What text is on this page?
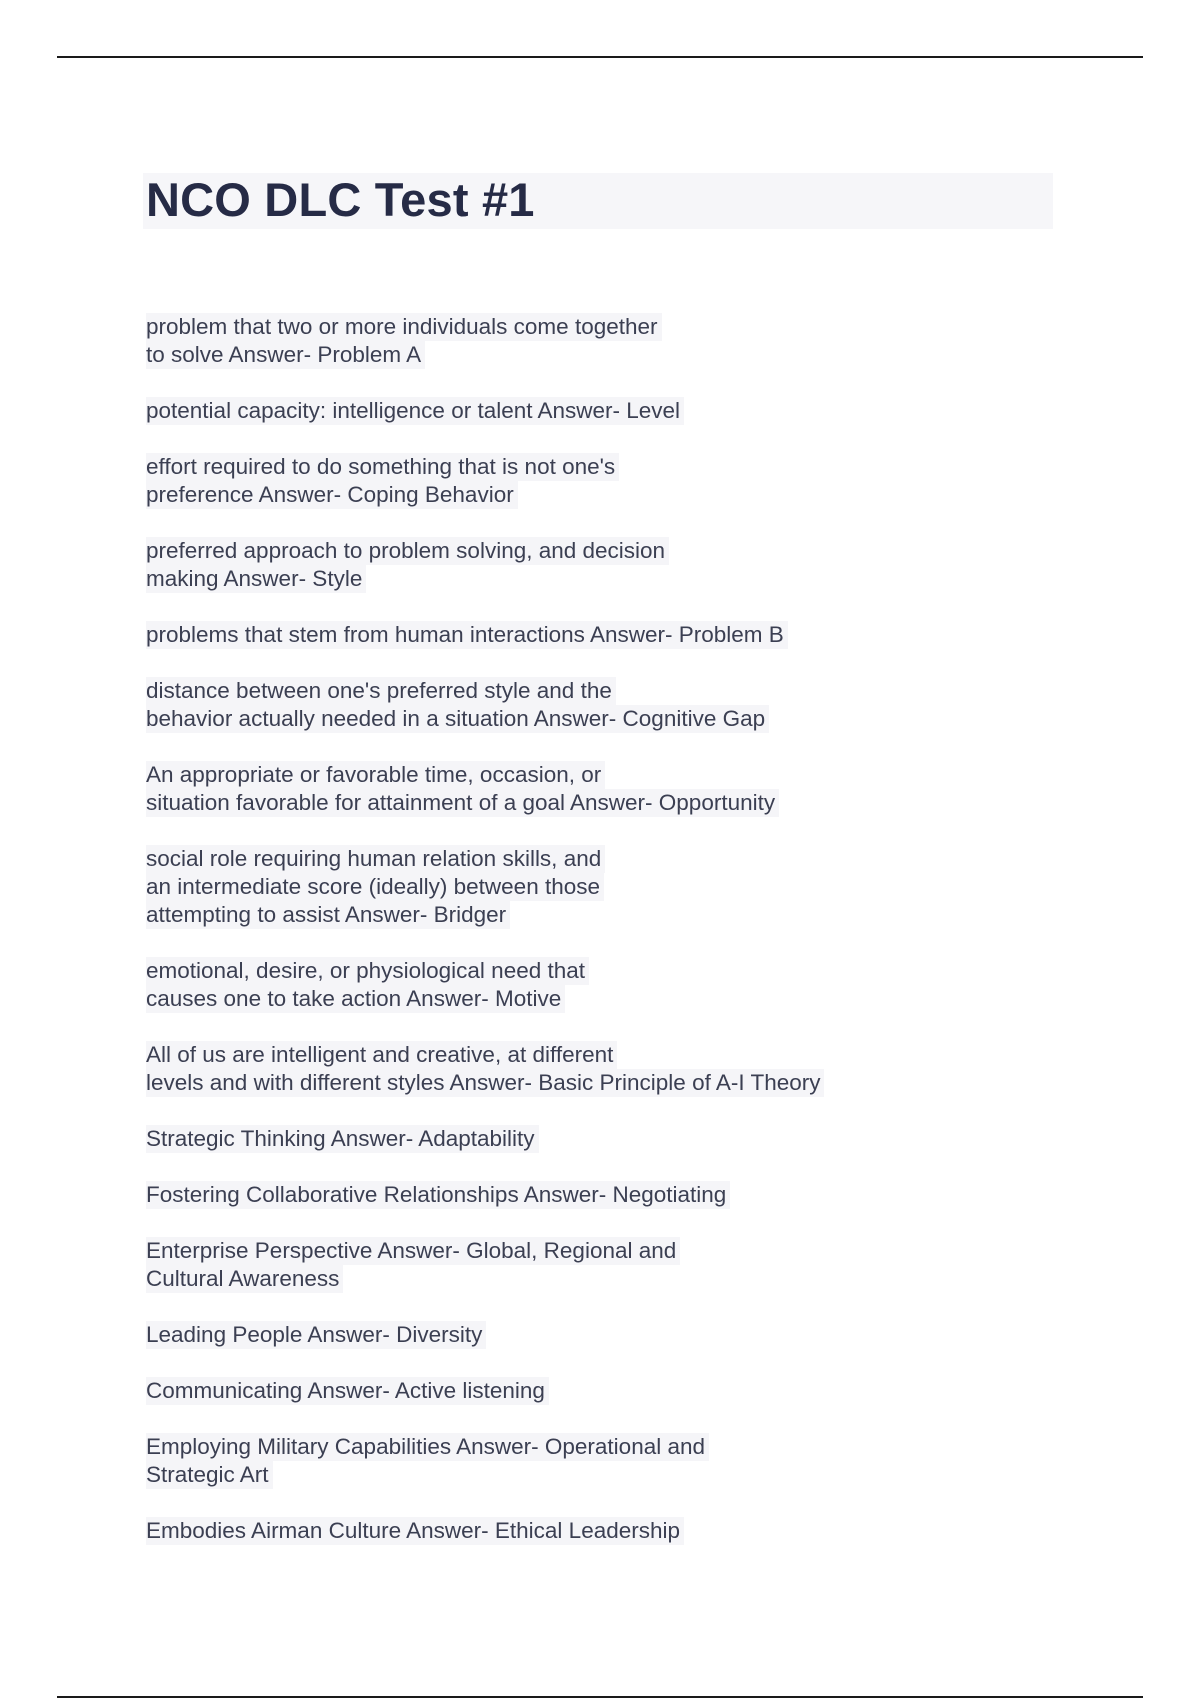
NCO DLC Test #1
problem that two or more individuals come together
to solve Answer- Problem A
potential capacity: intelligence or talent Answer- Level
effort required to do something that is not one's
preference Answer- Coping Behavior
preferred approach to problem solving, and decision
making Answer- Style
problems that stem from human interactions Answer- Problem B
distance between one's preferred style and the
behavior actually needed in a situation Answer- Cognitive Gap
An appropriate or favorable time, occasion, or
situation favorable for attainment of a goal Answer- Opportunity
social role requiring human relation skills, and
an intermediate score (ideally) between those
attempting to assist Answer- Bridger
emotional, desire, or physiological need that
causes one to take action Answer- Motive
All of us are intelligent and creative, at different
levels and with different styles Answer- Basic Principle of A-I Theory
Strategic Thinking Answer- Adaptability
Fostering Collaborative Relationships Answer- Negotiating
Enterprise Perspective Answer- Global, Regional and
Cultural Awareness
Leading People Answer- Diversity
Communicating Answer- Active listening
Employing Military Capabilities Answer- Operational and
Strategic Art
Embodies Airman Culture Answer- Ethical Leadership
